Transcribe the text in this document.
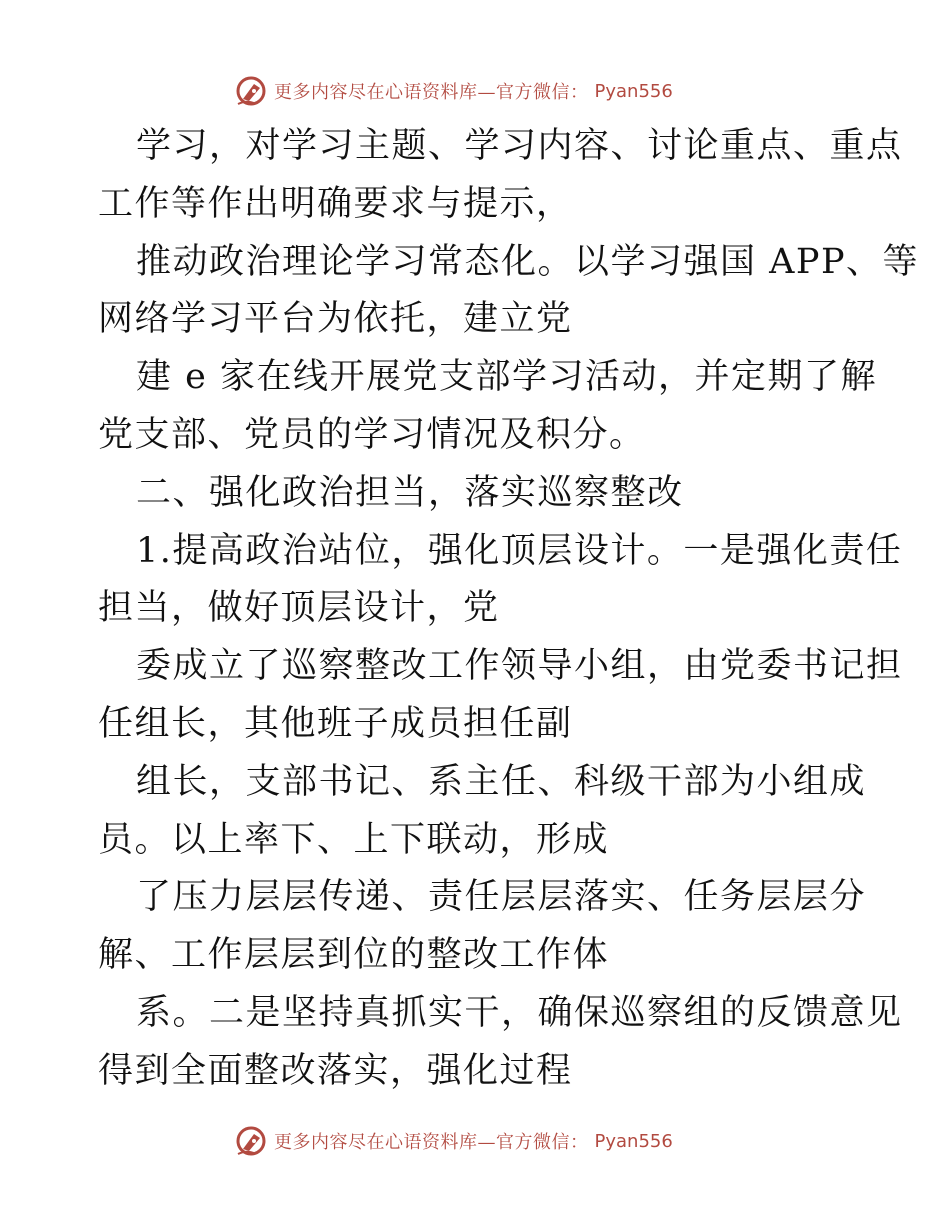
更多内容尽在心语资料库—官方微信： Pyan556
学习，对学习主题、学习内容、讨论重点、重点
工作等作出明确要求与提示，
推动政治理论学习常态化。以学习强国 APP、等
网络学习平台为依托，建立党
建 e 家在线开展党支部学习活动，并定期了解
党支部、党员的学习情况及积分。
二、强化政治担当，落实巡察整改
1.提高政治站位，强化顶层设计。一是强化责任
担当，做好顶层设计，党
委成立了巡察整改工作领导小组，由党委书记担
任组长，其他班子成员担任副
组长，支部书记、系主任、科级干部为小组成
员。以上率下、上下联动，形成
了压力层层传递、责任层层落实、任务层层分
解、工作层层到位的整改工作体
系。二是坚持真抓实干，确保巡察组的反馈意见
得到全面整改落实，强化过程
更多内容尽在心语资料库—官方微信： Pyan556
